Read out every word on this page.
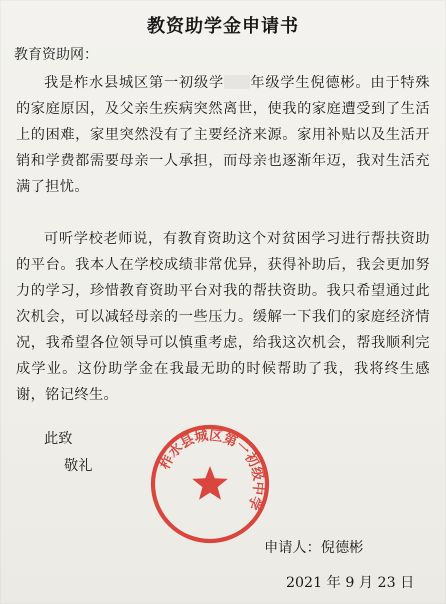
教资助学金申请书
教育资助网：
我是柞水县城区第一初级学 年级学生倪德彬。由于特殊的家庭原因，及父亲生疾病突然离世，使我的家庭遭受到了生活上的困难，家里突然没有了主要经济来源。家用补贴以及生活开销和学费都需要母亲一人承担，而母亲也逐渐年迈，我对生活充满了担忧。
可听学校老师说，有教育资助这个对贫困学习进行帮扶资助的平台。我本人在学校成绩非常优异，获得补助后，我会更加努力的学习，珍惜教育资助平台对我的帮扶资助。我只希望通过此次机会，可以减轻母亲的一些压力。缓解一下我们的家庭经济情况，我希望各位领导可以慎重考虑，给我这次机会，帮我顺利完成学业。这份助学金在我最无助的时候帮助了我，我将终生感谢，铭记终生。
此致
敬礼	柞水县城区第一初级中学
申请人：倪德彬
2021 年 9 月 23 日
